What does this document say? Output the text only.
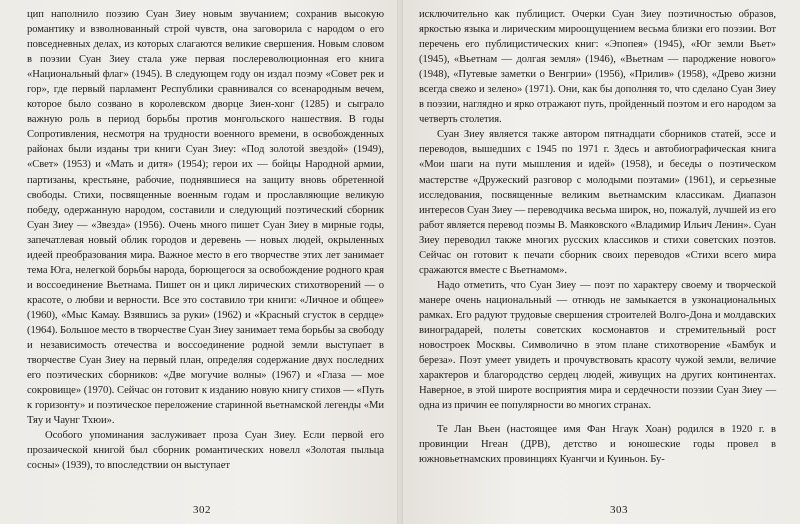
цип наполнило поэзию Суан Зиеу новым звучанием; сохранив высокую романтику и взволнованный строй чувств, она заговорила с народом о его повседневных делах, из которых слагаются великие свершения. Новым словом в поэзии Суан Зиеу стала уже первая послереволюционная его книга «Национальный флаг» (1945). В следующем году он издал поэму «Совет рек и гор», где первый парламент Республики сравнивался со всенародным вечем, которое было созвано в королевском дворце Зиен-хонг (1285) и сыграло важную роль в период борьбы против монгольского нашествия. В годы Сопротивления, несмотря на трудности военного времени, в освобожденных районах были изданы три книги Суан Зиеу: «Под золотой звездой» (1949), «Свет» (1953) и «Мать и дитя» (1954); герои их — бойцы Народной армии, партизаны, крестьяне, рабочие, поднявшиеся на защиту вновь обретенной свободы. Стихи, посвященные военным годам и прославляющие великую победу, одержанную народом, составили и следующий поэтический сборник Суан Зиеу — «Звезда» (1956). Очень много пишет Суан Зиеу в мирные годы, запечатлевая новый облик городов и деревень — новых людей, окрыленных идеей преобразования мира. Важное место в его творчестве этих лет занимает тема Юга, нелегкой борьбы народа, борющегося за освобождение родного края и воссоединение Вьетнама. Пишет он и цикл лирических стихотворений — о красоте, о любви и верности. Все это составило три книги: «Личное и общее» (1960), «Мыс Камау. Взявшись за руки» (1962) и «Красный сгусток в сердце» (1964). Большое место в творчестве Суан Зиеу занимает тема борьбы за свободу и независимость отечества и воссоединение родной земли выступает в творчестве Суан Зиеу на первый план, определяя содержание двух последних его поэтических сборников: «Две могучие волны» (1967) и «Глаза — мое сокровище» (1970). Сейчас он готовит к изданию новую книгу стихов — «Путь к горизонту» и поэтическое переложение старинной вьетнамской легенды «Ми Тяу и Чаунг Тхюи».

Особого упоминания заслуживает проза Суан Зиеу. Если первой его прозаической книгой был сборник романтических новелл «Золотая пыльца сосны» (1939), то впоследствии он выступает

302

исключительно как публицист. Очерки Суан Зиеу поэтичностью образов, яркостью языка и лирическим мироощущением весьма близки его поэзии. Вот перечень его публицистических книг: «Эпопея» (1945), «Юг земли Вьет» (1945), «Вьетнам — долгая земля» (1946), «Вьетнам — пароджение нового» (1948), «Путевые заметки о Венгрии» (1956), «Прилив» (1958), «Древо жизни всегда свежо и зелено» (1971). Они, как бы дополняя то, что сделано Суан Зиеу в поэзии, наглядно и ярко отражают путь, пройденный поэтом и его народом за четверть столетия.

Суан Зиеу является также автором пятнадцати сборников статей, эссе и переводов, вышедших с 1945 по 1971 г. Здесь и автобиографическая книга «Мои шаги на пути мышления и идей» (1958), и беседы о поэтическом мастерстве «Дружеский разговор с молодыми поэтами» (1961), и серьезные исследования, посвященные великим вьетнамским классикам. Диапазон интересов Суан Зиеу — переводчика весьма широк, но, пожалуй, лучшей из его работ является перевод поэмы В. Маяковского «Владимир Ильич Ленин». Суан Зиеу переводил также многих русских классиков и стихи советских поэтов. Сейчас он готовит к печати сборник своих переводов «Стихи всего мира сражаются вместе с Вьетнамом».

Надо отметить, что Суан Зиеу — поэт по характеру своему и творческой манере очень национальный — отнюдь не замыкается в узконациональных рамках. Его радуют трудовые свершения строителей Волго-Дона и молдавских виноградарей, полеты советских космонавтов и стремительный рост новостроек Москвы. Символично в этом плане стихотворение «Бамбук и береза». Поэт умеет увидеть и прочувствовать красоту чужой земли, величие характеров и благородство сердец людей, живущих на других континентах. Наверное, в этой широте восприятия мира и сердечности поэзии Суан Зиеу — одна из причин ее популярности во многих странах.

Те Лан Вьен (настоящее имя Фан Нгаук Хоан) родился в 1920 г. в провинции Нгеан (ДРВ), детство и юношеские годы провел в южновьетнамских провинциях Куангчи и Куиньон. Бу-

303
